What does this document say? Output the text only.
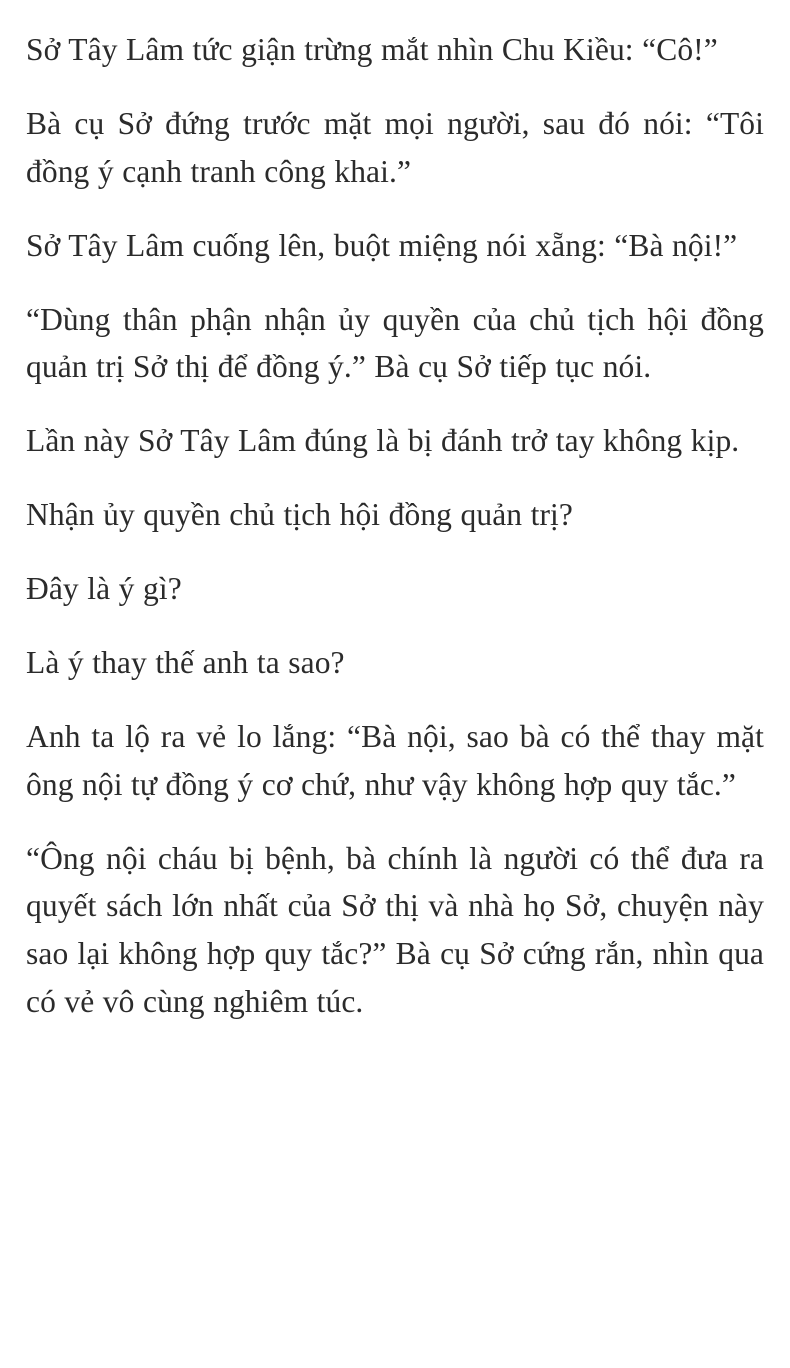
Sở Tây Lâm tức giận trừng mắt nhìn Chu Kiều: “Cô!”

Bà cụ Sở đứng trước mặt mọi người, sau đó nói: “Tôi đồng ý cạnh tranh công khai.”

Sở Tây Lâm cuống lên, buột miệng nói xẵng: “Bà nội!”

“Dùng thân phận nhận ủy quyền của chủ tịch hội đồng quản trị Sở thị để đồng ý.” Bà cụ Sở tiếp tục nói.

Lần này Sở Tây Lâm đúng là bị đánh trở tay không kịp.

Nhận ủy quyền chủ tịch hội đồng quản trị?

Đây là ý gì?

Là ý thay thế anh ta sao?

Anh ta lộ ra vẻ lo lắng: “Bà nội, sao bà có thể thay mặt ông nội tự đồng ý cơ chứ, như vậy không hợp quy tắc.”

“Ông nội cháu bị bệnh, bà chính là người có thể đưa ra quyết sách lớn nhất của Sở thị và nhà họ Sở, chuyện này sao lại không hợp quy tắc?” Bà cụ Sở cứng rắn, nhìn qua có vẻ vô cùng nghiêm túc.
